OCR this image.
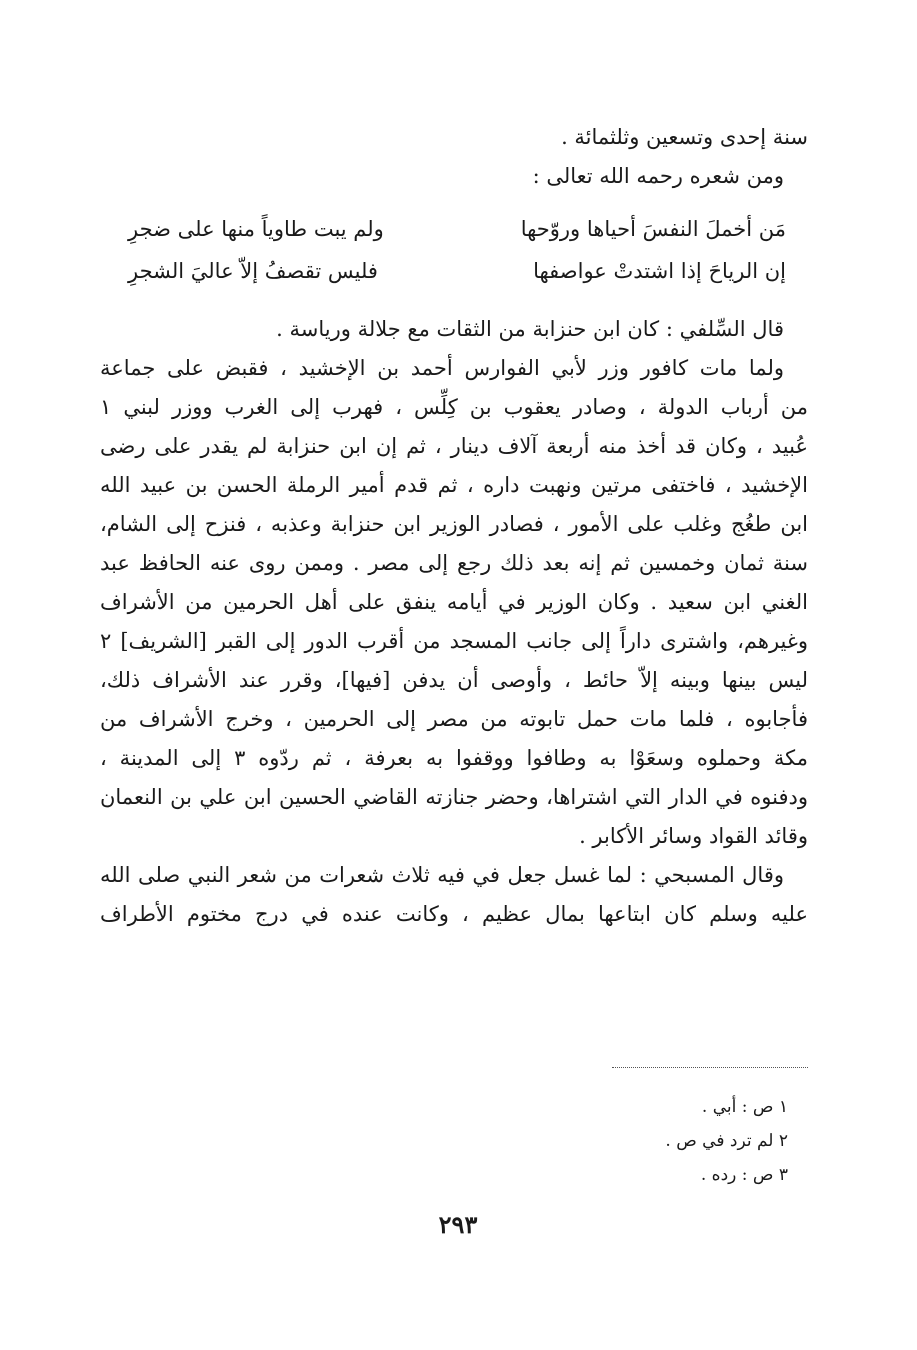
سنة إحدى وتسعين وثلثمائة .
ومن شعره رحمه الله تعالى :
مَن أخملَ النفسَ أحياها وروّحها
ولم يبت طاوياً منها على ضجرِ
إن الرياحَ إذا اشتدتْ عواصفها
فليس تقصفُ إلاّ عاليَ الشجرِ
قال السِّلفي : كان ابن حنزابة من الثقات مع جلالة ورياسة .
ولما مات كافور وزر لأبي الفوارس أحمد بن الإخشيد ، فقبض على جماعة
من أرباب الدولة ، وصادر يعقوب بن كِلِّس ، فهرب إلى الغرب ووزر لبني ١
عُبيد ، وكان قد أخذ منه أربعة آلاف دينار ، ثم إن ابن حنزابة لم يقدر على رضى
الإخشيد ، فاختفى مرتين ونهبت داره ، ثم قدم أمير الرملة الحسن بن عبيد الله
ابن طغُج وغلب على الأمور ، فصادر الوزير ابن حنزابة وعذبه ، فنزح إلى الشام،
سنة ثمان وخمسين ثم إنه بعد ذلك رجع إلى مصر . وممن روى عنه الحافظ عبد
الغني ابن سعيد . وكان الوزير في أيامه ينفق على أهل الحرمين من الأشراف
وغيرهم، واشترى داراً إلى جانب المسجد من أقرب الدور إلى القبر [الشريف] ٢
ليس بينها وبينه إلاّ حائط ، وأوصى أن يدفن [فيها]، وقرر عند الأشراف ذلك،
فأجابوه ، فلما مات حمل تابوته من مصر إلى الحرمين ، وخرج الأشراف من
مكة وحملوه وسعَوْا به وطافوا ووقفوا به بعرفة ، ثم ردّوه ٣ إلى المدينة ،
ودفنوه في الدار التي اشتراها، وحضر جنازته القاضي الحسين ابن علي بن النعمان
وقائد القواد وسائر الأكابر .
وقال المسبحي : لما غسل جعل في فيه ثلاث شعرات من شعر النبي صلى الله
عليه وسلم كان ابتاعها بمال عظيم ، وكانت عنده في درج مختوم الأطراف
١ ص : أبي .
٢ لم ترد في ص .
٣ ص : رده .
٢٩٣
